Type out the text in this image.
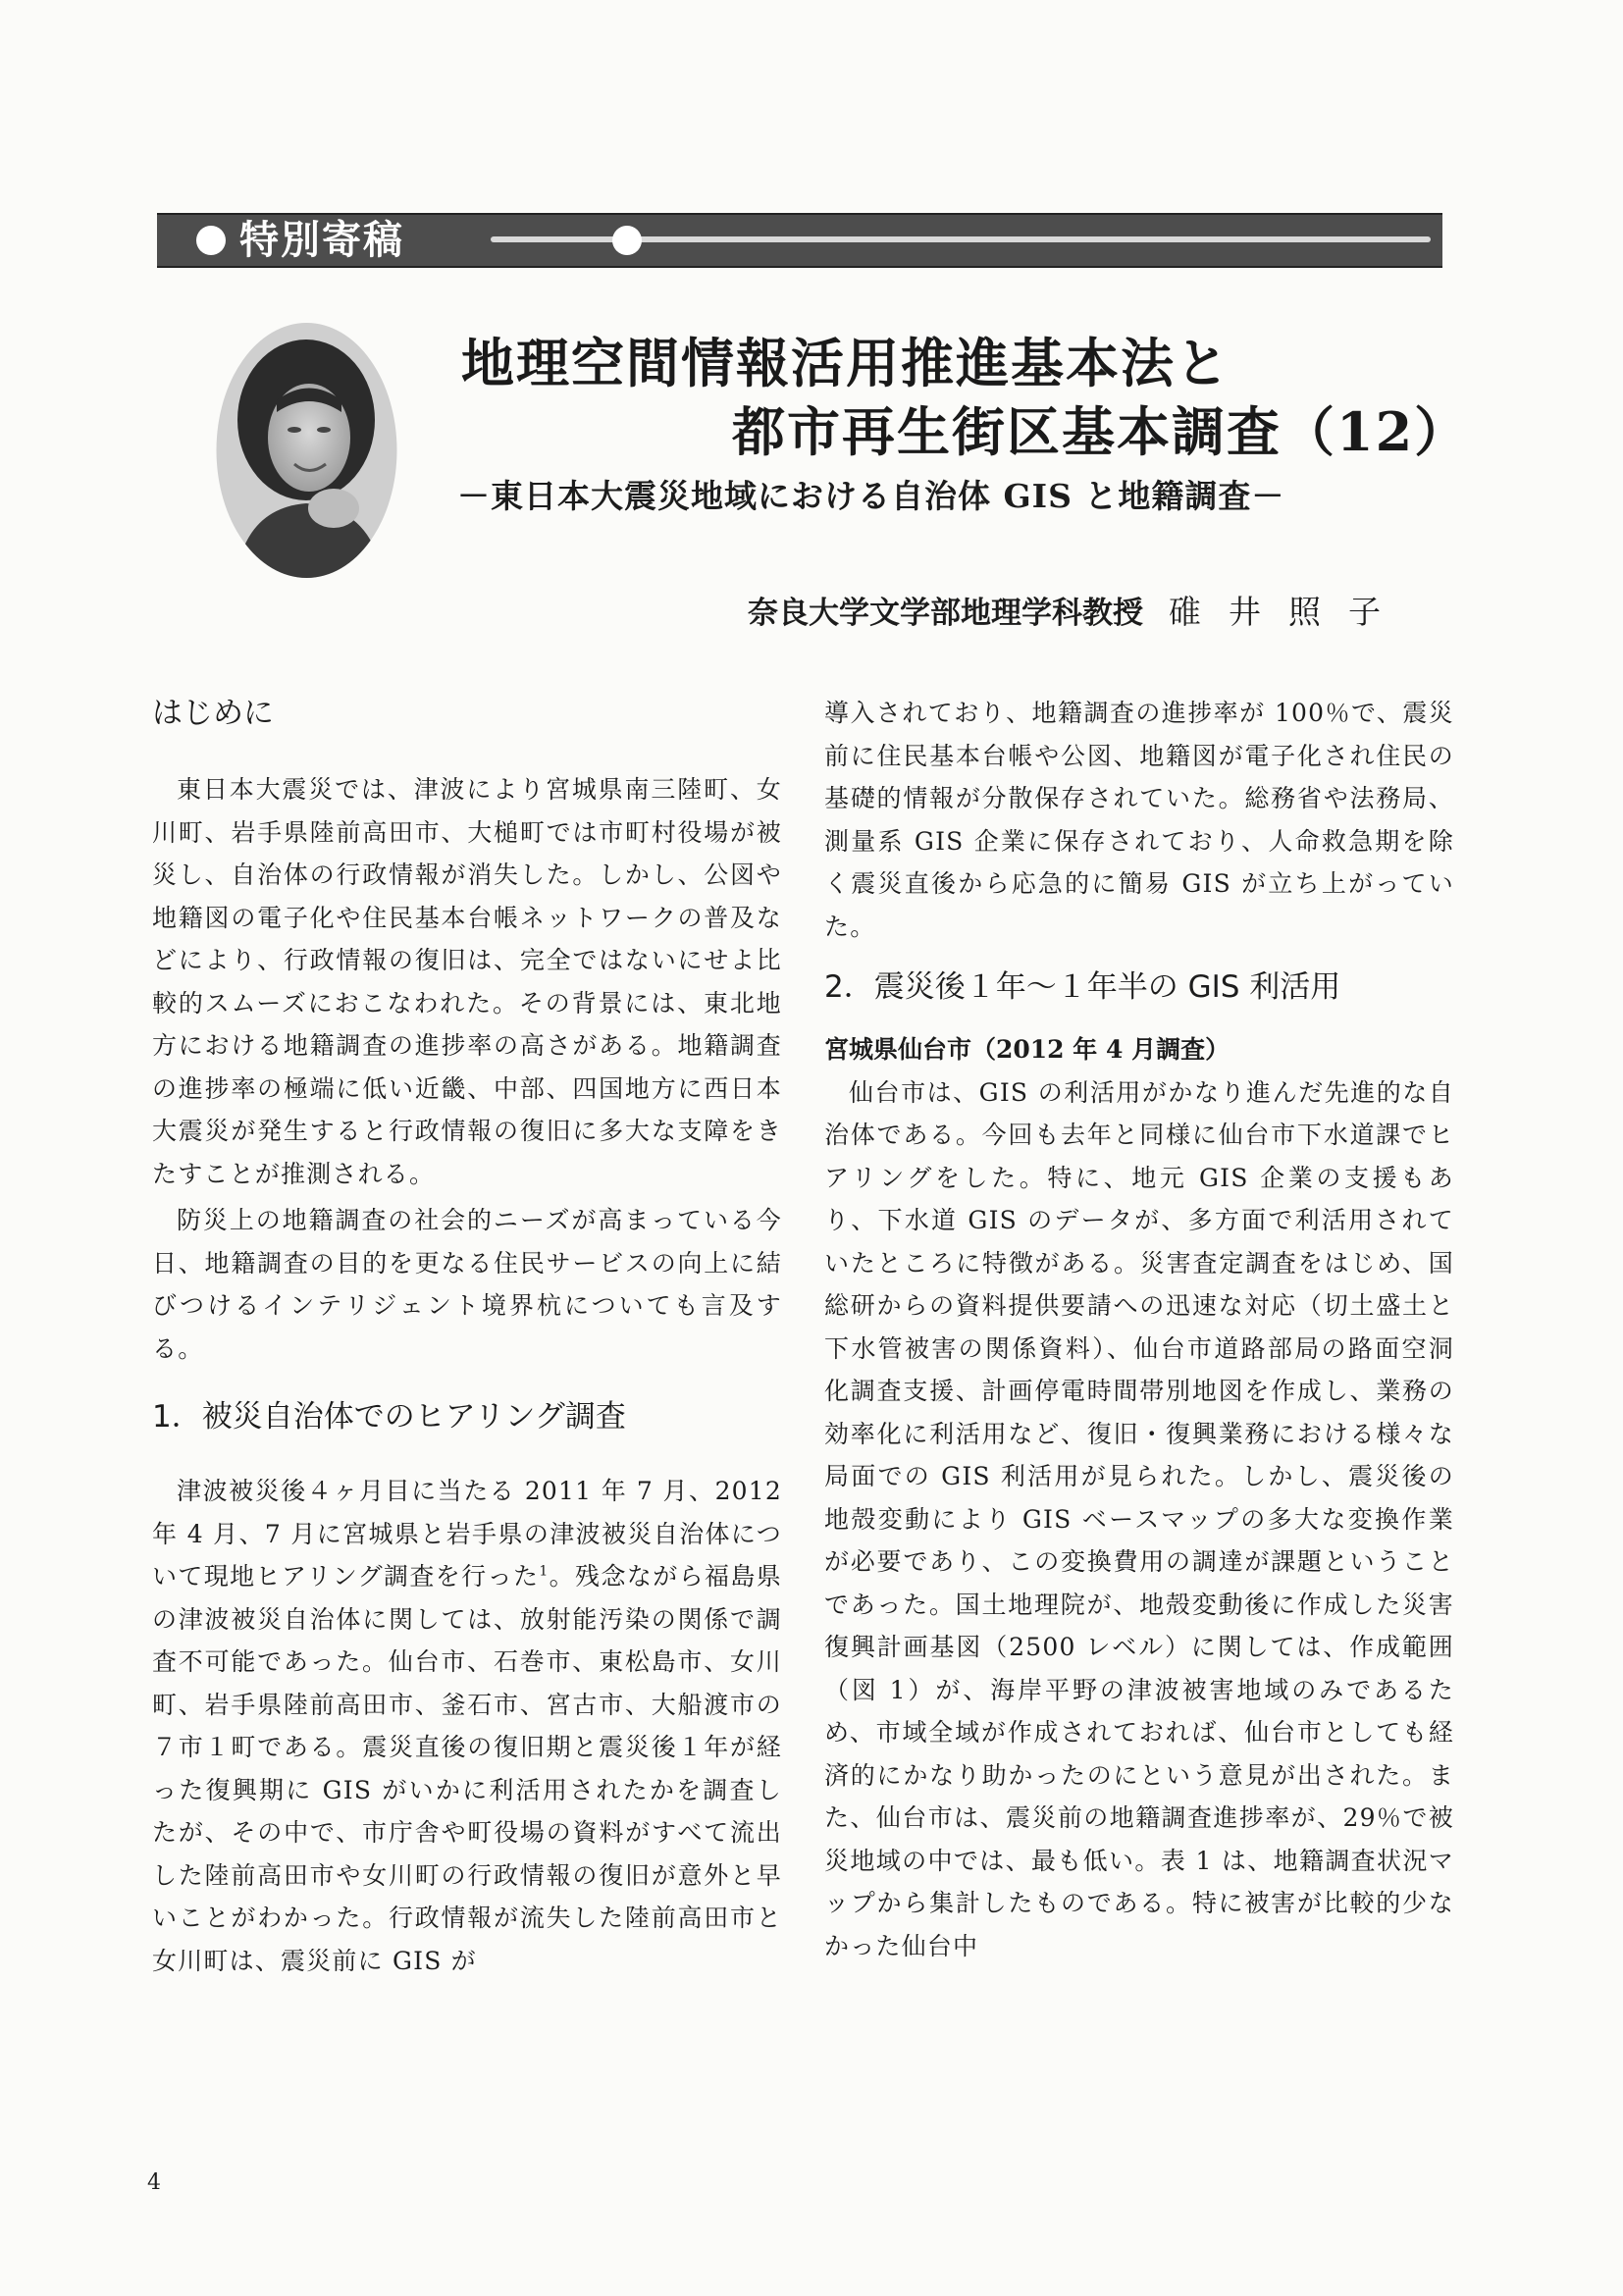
特別寄稿
地理空間情報活用推進基本法と
都市再生街区基本調査（12）
－東日本大震災地域における自治体 GIS と地籍調査－
奈良大学文学部地理学科教授 碓井照子
はじめに

東日本大震災では、津波により宮城県南三陸町、女川町、岩手県陸前高田市、大槌町では市町村役場が被災し、自治体の行政情報が消失した。しかし、公図や地籍図の電子化や住民基本台帳ネットワークの普及などにより、行政情報の復旧は、完全ではないにせよ比較的スムーズにおこなわれた。その背景には、東北地方における地籍調査の進捗率の高さがある。地籍調査の進捗率の極端に低い近畿、中部、四国地方に西日本大震災が発生すると行政情報の復旧に多大な支障をきたすことが推測される。

防災上の地籍調査の社会的ニーズが高まっている今日、地籍調査の目的を更なる住民サービスの向上に結びつけるインテリジェント境界杭についても言及する。

1．被災自治体でのヒアリング調査

津波被災後４ヶ月目に当たる 2011 年 7 月、2012 年 4 月、7 月に宮城県と岩手県の津波被災自治体について現地ヒアリング調査を行った$^1$。残念ながら福島県の津波被災自治体に関しては、放射能汚染の関係で調査不可能であった。仙台市、石巻市、東松島市、女川町、岩手県陸前高田市、釜石市、宮古市、大船渡市の７市１町である。震災直後の復旧期と震災後１年が経った復興期に GIS がいかに利活用されたかを調査したが、その中で、市庁舎や町役場の資料がすべて流出した陸前高田市や女川町の行政情報の復旧が意外と早いことがわかった。行政情報が流失した陸前高田市と女川町は、震災前に GIS が

導入されており、地籍調査の進捗率が 100％で、震災前に住民基本台帳や公図、地籍図が電子化され住民の基礎的情報が分散保存されていた。総務省や法務局、測量系 GIS 企業に保存されており、人命救急期を除く震災直後から応急的に簡易 GIS が立ち上がっていた。

2．震災後１年～１年半の GIS 利活用
宮城県仙台市（2012 年 4 月調査）

仙台市は、GIS の利活用がかなり進んだ先進的な自治体である。今回も去年と同様に仙台市下水道課でヒアリングをした。特に、地元 GIS 企業の支援もあり、下水道 GIS のデータが、多方面で利活用されていたところに特徴がある。災害査定調査をはじめ、国総研からの資料提供要請への迅速な対応（切土盛土と下水管被害の関係資料）、仙台市道路部局の路面空洞化調査支援、計画停電時間帯別地図を作成し、業務の効率化に利活用など、復旧・復興業務における様々な局面での GIS 利活用が見られた。しかし、震災後の地殻変動により GIS ベースマップの多大な変換作業が必要であり、この変換費用の調達が課題ということであった。国土地理院が、地殻変動後に作成した災害復興計画基図（2500 レベル）に関しては、作成範囲（図 1）が、海岸平野の津波被害地域のみであるため、市域全域が作成されておれば、仙台市としても経済的にかなり助かったのにという意見が出された。また、仙台市は、震災前の地籍調査進捗率が、29％で被災地域の中では、最も低い。表 1 は、地籍調査状況マップから集計したものである。特に被害が比較的少なかった仙台中

4
